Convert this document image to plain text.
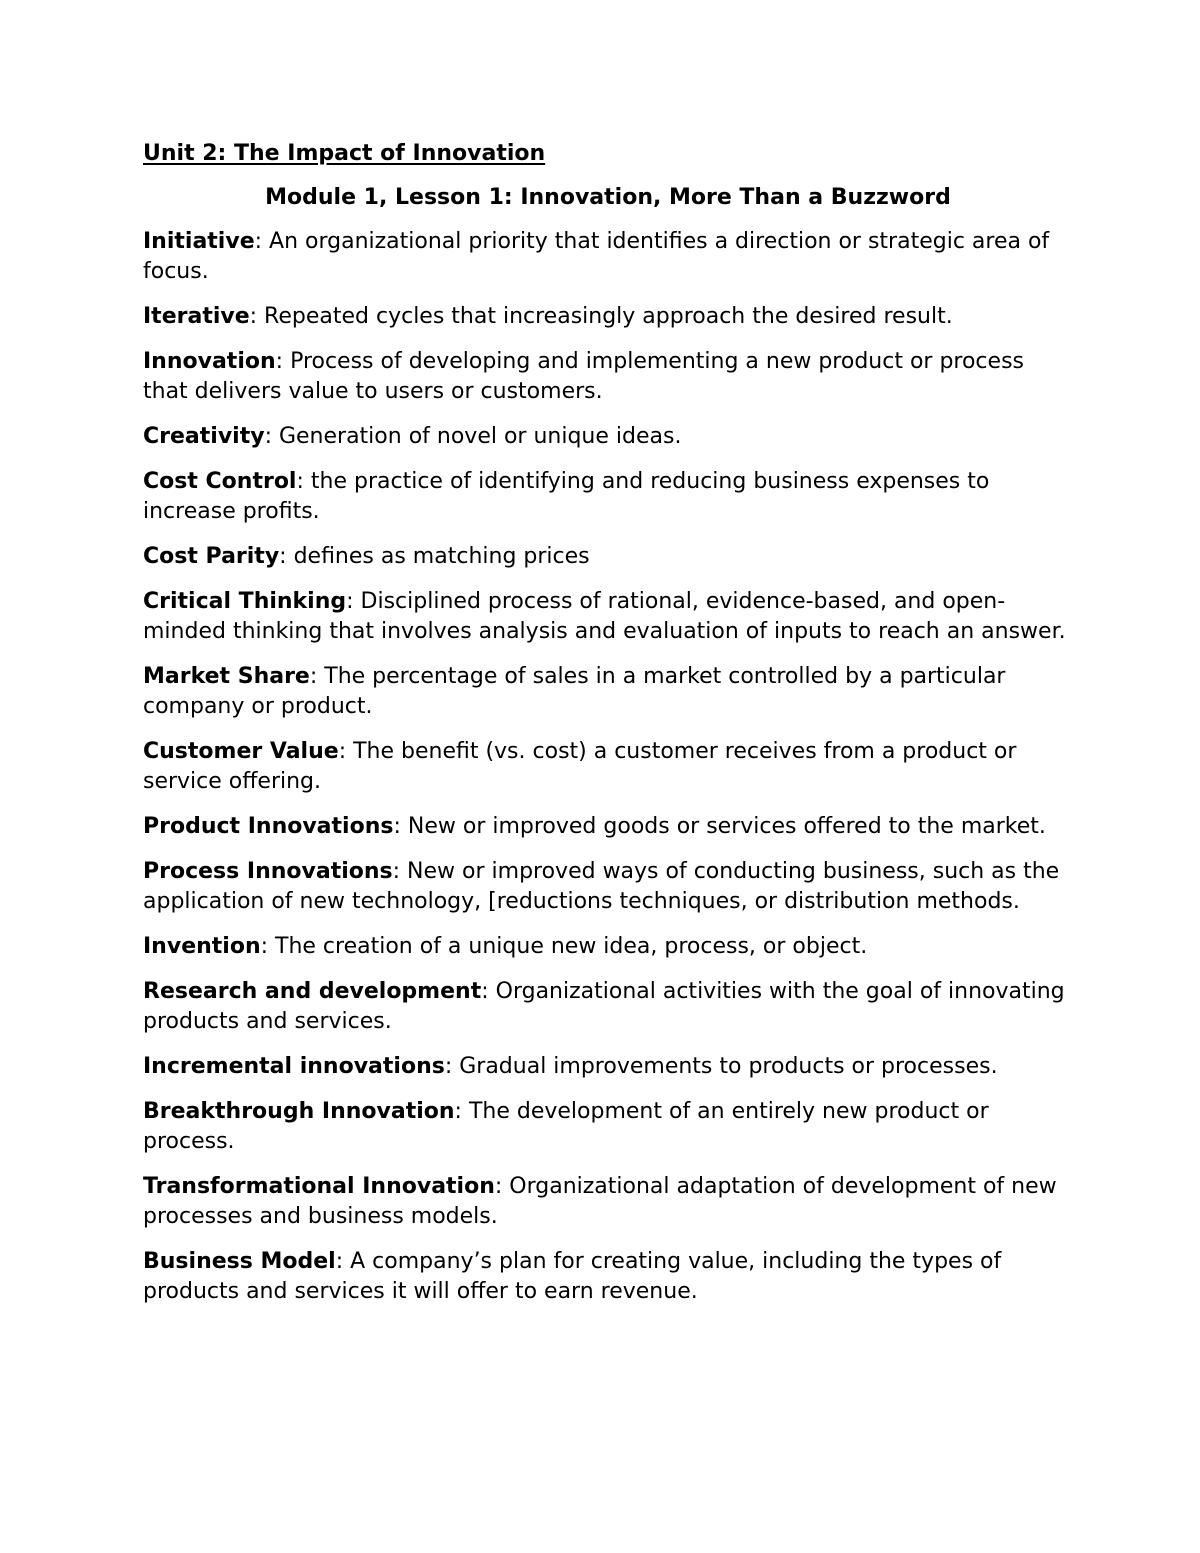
Unit 2: The Impact of Innovation
Module 1, Lesson 1: Innovation, More Than a Buzzword
Initiative: An organizational priority that identifies a direction or strategic area of focus.
Iterative: Repeated cycles that increasingly approach the desired result.
Innovation: Process of developing and implementing a new product or process that delivers value to users or customers.
Creativity: Generation of novel or unique ideas.
Cost Control: the practice of identifying and reducing business expenses to increase profits.
Cost Parity: defines as matching prices
Critical Thinking: Disciplined process of rational, evidence-based, and open-minded thinking that involves analysis and evaluation of inputs to reach an answer.
Market Share: The percentage of sales in a market controlled by a particular company or product.
Customer Value: The benefit (vs. cost) a customer receives from a product or service offering.
Product Innovations: New or improved goods or services offered to the market.
Process Innovations: New or improved ways of conducting business, such as the application of new technology, [reductions techniques, or distribution methods.
Invention: The creation of a unique new idea, process, or object.
Research and development: Organizational activities with the goal of innovating products and services.
Incremental innovations: Gradual improvements to products or processes.
Breakthrough Innovation: The development of an entirely new product or process.
Transformational Innovation: Organizational adaptation of development of new processes and business models.
Business Model: A company’s plan for creating value, including the types of products and services it will offer to earn revenue.
